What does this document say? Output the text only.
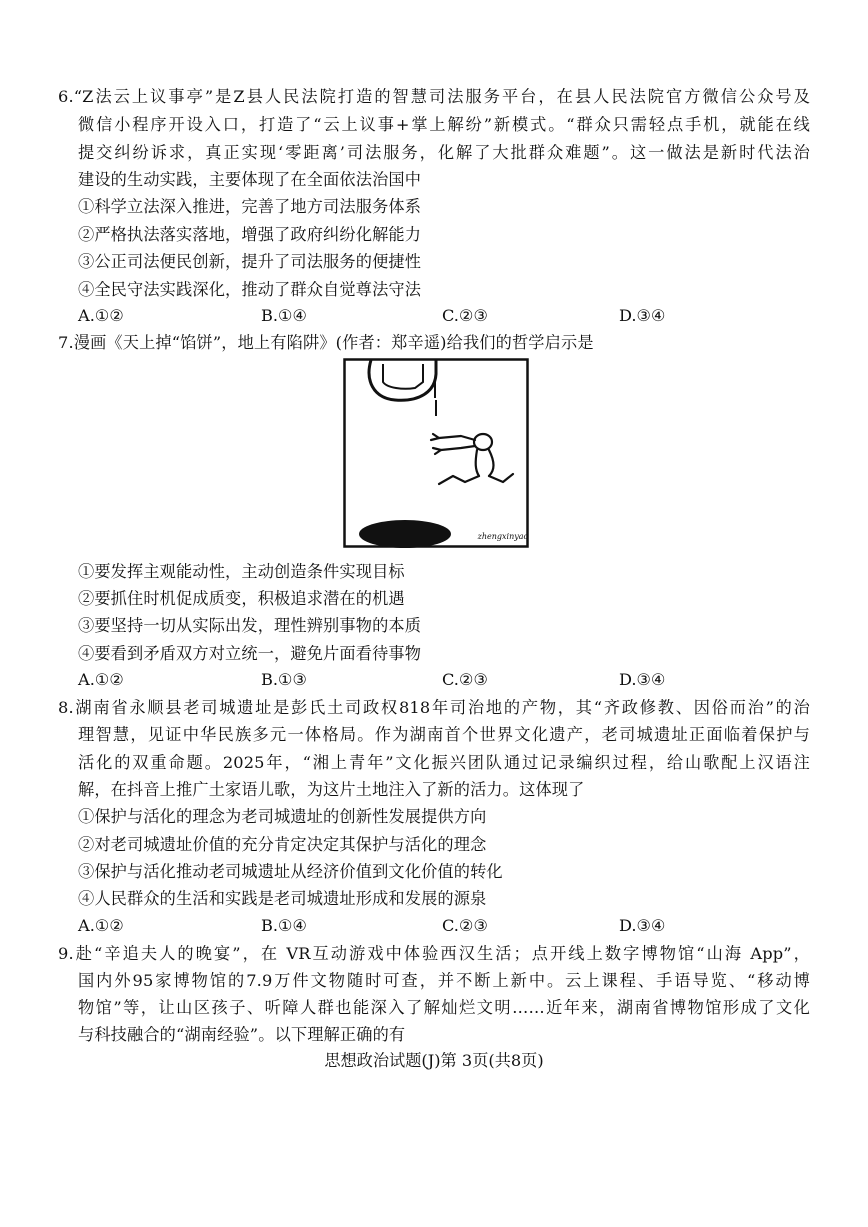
6.“Z法云上议事亭”是Z县人民法院打造的智慧司法服务平台，在县人民法院官方微信公众号及
微信小程序开设入口，打造了“云上议事+掌上解纷”新模式。“群众只需轻点手机，就能在线
提交纠纷诉求，真正实现‘零距离’司法服务，化解了大批群众难题”。这一做法是新时代法治
建设的生动实践，主要体现了在全面依法治国中
①科学立法深入推进，完善了地方司法服务体系
②严格执法落实落地，增强了政府纠纷化解能力
③公正司法便民创新，提升了司法服务的便捷性
④全民守法实践深化，推动了群众自觉尊法守法
A.①②	B.①④	C.②③	D.③④
7.漫画《天上掉“馅饼”，地上有陷阱》(作者：郑辛遥)给我们的哲学启示是
zhengxinyao
①要发挥主观能动性，主动创造条件实现目标
②要抓住时机促成质变，积极追求潜在的机遇
③要坚持一切从实际出发，理性辨别事物的本质
④要看到矛盾双方对立统一，避免片面看待事物
A.①②	B.①③	C.②③	D.③④
8.湖南省永顺县老司城遗址是彭氏土司政权818年司治地的产物，其“齐政修教、因俗而治”的治
理智慧，见证中华民族多元一体格局。作为湖南首个世界文化遗产，老司城遗址正面临着保护与
活化的双重命题。2025年，“湘上青年”文化振兴团队通过记录编织过程，给山歌配上汉语注
解，在抖音上推广土家语儿歌，为这片土地注入了新的活力。这体现了
①保护与活化的理念为老司城遗址的创新性发展提供方向
②对老司城遗址价值的充分肯定决定其保护与活化的理念
③保护与活化推动老司城遗址从经济价值到文化价值的转化
④人民群众的生活和实践是老司城遗址形成和发展的源泉
A.①②	B.①④	C.②③	D.③④
9.赴“辛追夫人的晚宴”，在 VR互动游戏中体验西汉生活；点开线上数字博物馆“山海 App”，
国内外95家博物馆的7.9万件文物随时可查，并不断上新中。云上课程、手语导览、“移动博
物馆”等，让山区孩子、听障人群也能深入了解灿烂文明……近年来，湖南省博物馆形成了文化
与科技融合的“湖南经验”。以下理解正确的有
思想政治试题(J)第 3页(共8页)
